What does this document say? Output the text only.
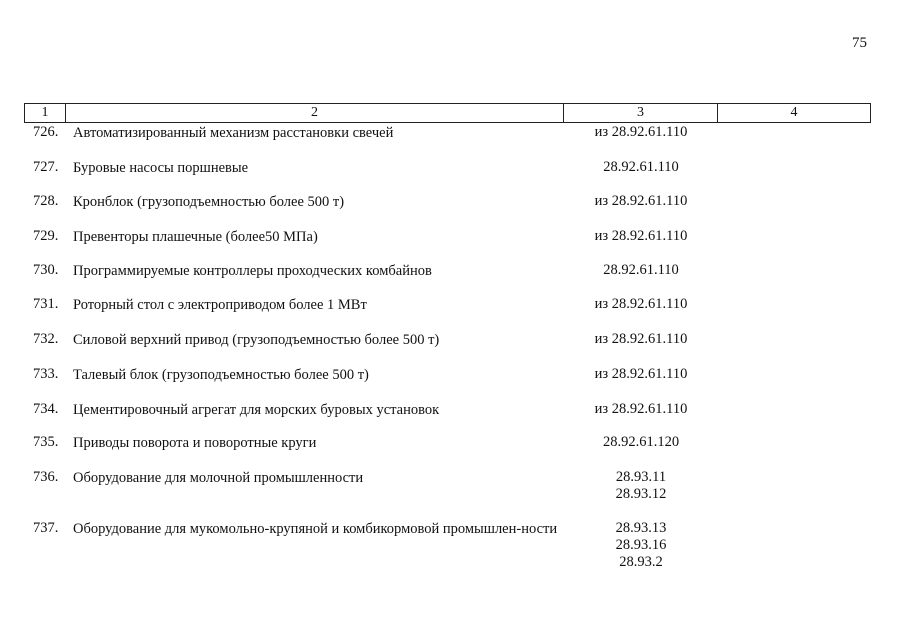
75
1	2	3	4
726.	Автоматизированный механизм расстановки свечей	из 28.92.61.110
727.	Буровые насосы поршневые	28.92.61.110
728.	Кронблок (грузоподъемностью более 500 т)	из 28.92.61.110
729.	Превенторы плашечные (более50 МПа)	из 28.92.61.110
730.	Программируемые контроллеры проходческих комбайнов	28.92.61.110
731.	Роторный стол с электроприводом более 1 МВт	из 28.92.61.110
732.	Силовой верхний привод (грузоподъемностью более 500 т)	из 28.92.61.110
733.	Талевый блок (грузоподъемностью более 500 т)	из 28.92.61.110
734.	Цементировочный агрегат для морских буровых установок	из 28.92.61.110
735.	Приводы поворота и поворотные круги	28.92.61.120
736.	Оборудование для молочной промышленности	28.93.11
28.93.12
737.	Оборудование для мукомольно-крупяной и комбикормовой промышлен-ности	28.93.13
28.93.16
28.93.2
